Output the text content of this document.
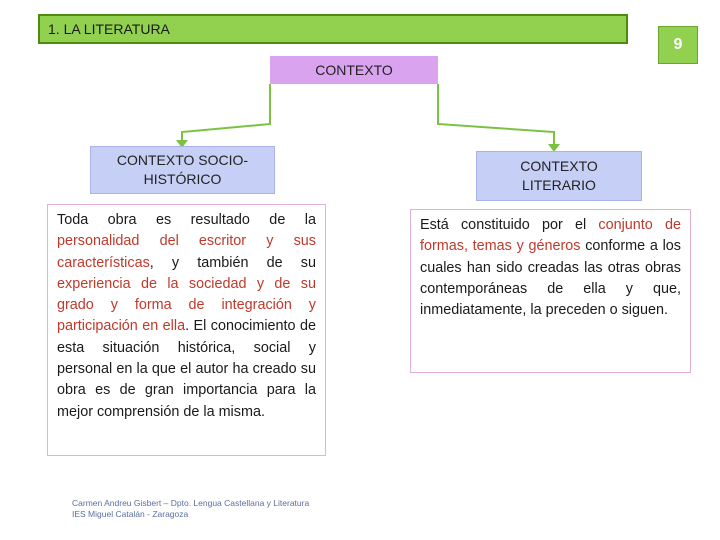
1. LA LITERATURA
9
CONTEXTO
CONTEXTO SOCIO-HISTÓRICO
CONTEXTO LITERARIO
Toda obra es resultado de la personalidad del escritor y sus características, y también de su experiencia de la sociedad y de su grado y forma de integración y participación en ella. El conocimiento de esta situación histórica, social y personal en la que el autor ha creado su obra es de gran importancia para la mejor comprensión de la misma.
Está constituido por el conjunto de formas, temas y géneros conforme a los cuales han sido creadas las otras obras contemporáneas de ella y que, inmediatamente, la preceden o siguen.
Carmen Andreu Gisbert – Dpto. Lengua Castellana y Literatura
IES Miguel Catalán - Zaragoza
